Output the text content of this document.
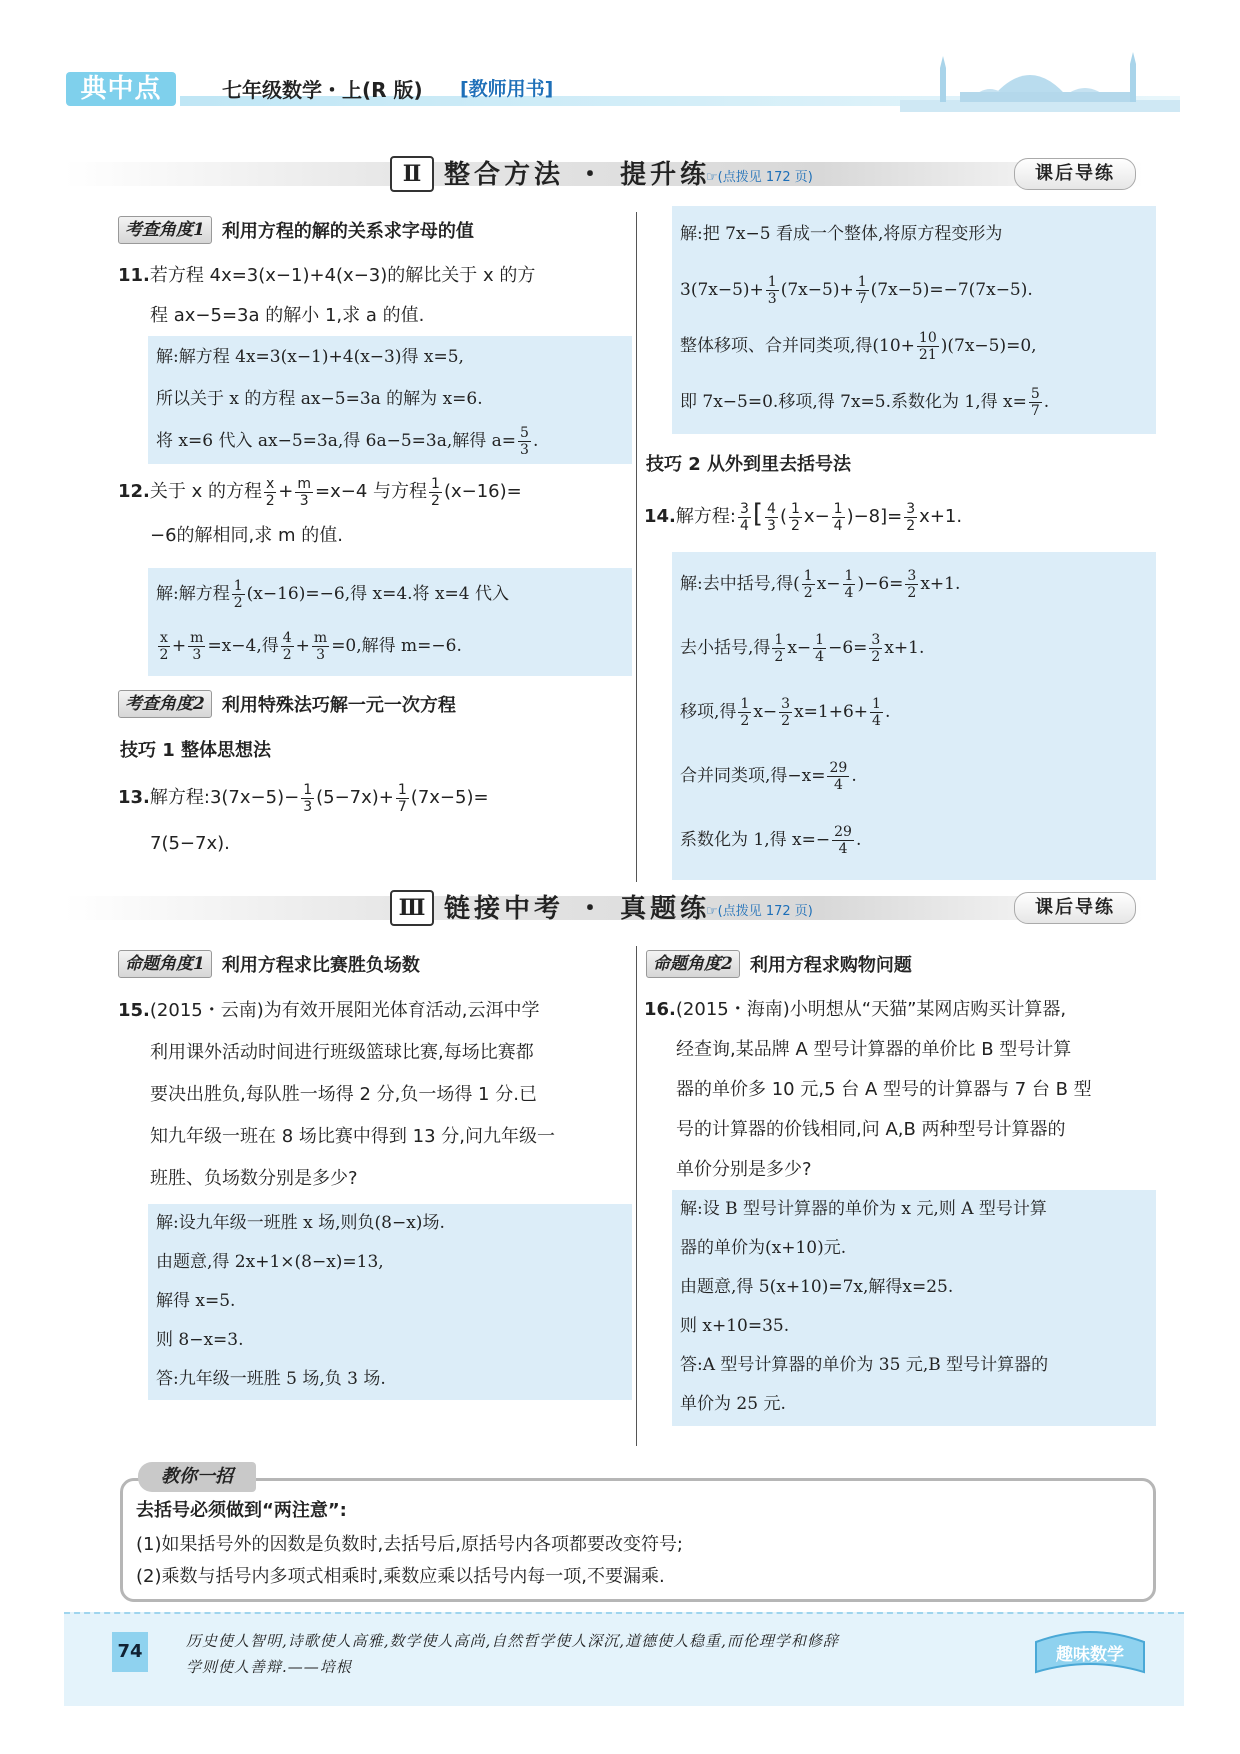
典中点	七年级数学・上(R 版) [教师用书]
Ⅱ 整合方法 ・ 提升练
☞(点拨见 172 页)	课后导练
考查角度1 利用方程的解的关系求字母的值
11.若方程 4x=3(x−1)+4(x−3)的解比关于 x 的方
程 ax−5=3a 的解小 1,求 a 的值.
解:解方程 4x=3(x−1)+4(x−3)得 x=5,
所以关于 x 的方程 ax−5=3a 的解为 x=6.
将 x=6 代入 ax−5=3a,得 6a−5=3a,解得 $a= \frac{5}{3}$ .
12.关于 x 的方程 $\frac{x}{2} + \frac{m}{3} =x-4$ 与方程 $\frac{1}{2} (x-16)=$
−6的解相同,求 m 的值.
解:解方程 $\frac{1}{2} (x-16)=-6$,得 x=4.将 x=4 代入
$\frac{x}{2} + \frac{m}{3} =x-4$,得 $\frac{4}{2} + \frac{m}{3} =0$,解得 m=−6.
考查角度2 利用特殊法巧解一元一次方程
技巧 1 整体思想法
13.解方程:3(7x−5)− $\frac{1}{3} (5-7x)+ \frac{1}{7} (7x-5)=$
7(5−7x).
解:把 7x−5 看成一个整体,将原方程变形为
$3(7x-5)+ \frac{1}{3} (7x-5)+ \frac{1}{7} (7x-5)=-7(7x-5)$.
整体移项、合并同类项,得$(10+ \frac{10}{21} )(7x-5)=0$,
即 7x−5=0.移项,得 7x=5.系数化为 1,得 $x= \frac{5}{7}$ .
技巧 2 从外到里去括号法
14.解方程: $\frac{3}{4}$ [ $\frac{4}{3}$ ( $\frac{1}{2} x- \frac{1}{4} )-8]= \frac{3}{2} x+1$.
解:去中括号,得( $\frac{1}{2} x- \frac{1}{4} )-6= \frac{3}{2} x+1$.
去小括号,得 $\frac{1}{2} x- \frac{1}{4} -6= \frac{3}{2} x+1$.
移项,得 $\frac{1}{2} x- \frac{3}{2} x=1+6+ \frac{1}{4}$ .
合并同类项,得$-x= \frac{29}{4}$ .
系数化为 1,得 $x=- \frac{29}{4}$ .
Ⅲ 链接中考 ・ 真题练
☞(点拨见 172 页)	课后导练
命题角度1 利用方程求比赛胜负场数
15.(2015・云南)为有效开展阳光体育活动,云洱中学
利用课外活动时间进行班级篮球比赛,每场比赛都
要决出胜负,每队胜一场得 2 分,负一场得 1 分.已
知九年级一班在 8 场比赛中得到 13 分,问九年级一
班胜、负场数分别是多少?
解:设九年级一班胜 x 场,则负(8−x)场.
由题意,得 2x+1×(8−x)=13,
解得 x=5.
则 8−x=3.
答:九年级一班胜 5 场,负 3 场.
命题角度2 利用方程求购物问题
16.(2015・海南)小明想从“天猫”某网店购买计算器,
经查询,某品牌 A 型号计算器的单价比 B 型号计算
器的单价多 10 元,5 台 A 型号的计算器与 7 台 B 型
号的计算器的价钱相同,问 A,B 两种型号计算器的
单价分别是多少?
解:设 B 型号计算器的单价为 x 元,则 A 型号计算
器的单价为(x+10)元.
由题意,得 5(x+10)=7x,解得x=25.
则 x+10=35.
答:A 型号计算器的单价为 35 元,B 型号计算器的
单价为 25 元.
教你一招
去括号必须做到“两注意”:
(1)如果括号外的因数是负数时,去括号后,原括号内各项都要改变符号;
(2)乘数与括号内多项式相乘时,乘数应乘以括号内每一项,不要漏乘.
74	历史使人智明,诗歌使人高雅,数学使人高尚,自然哲学使人深沉,道德使人稳重,而伦理学和修辞
学则使人善辩.——培根
趣味数学
